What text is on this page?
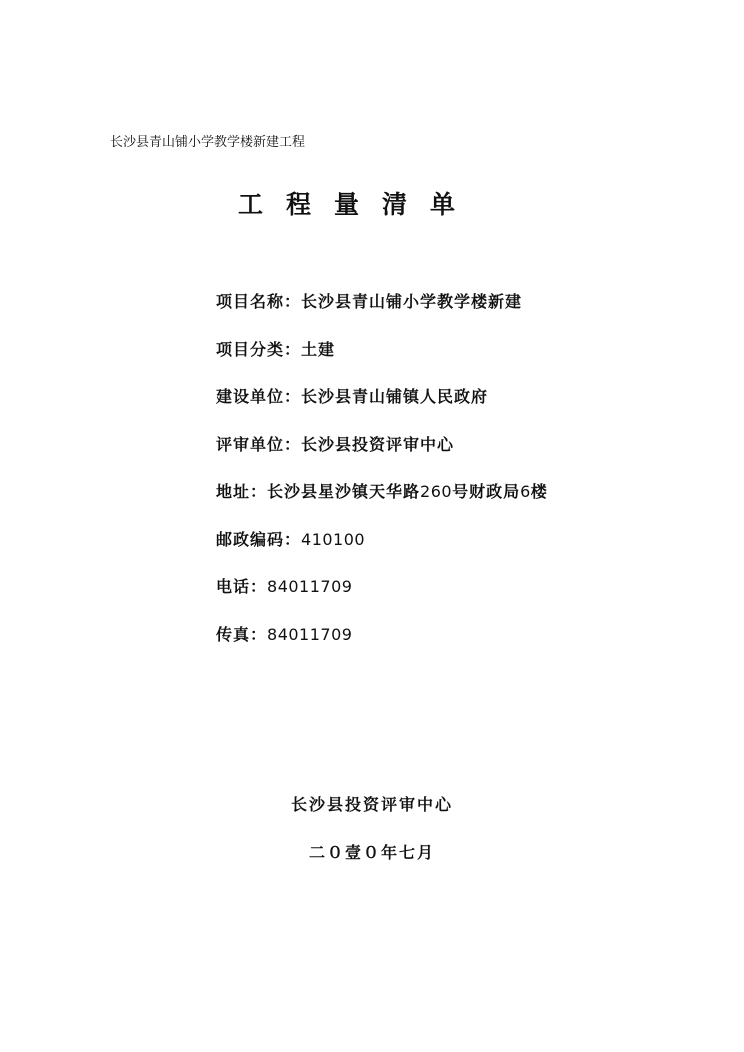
长沙县青山铺小学教学楼新建工程
工程量清单
项目名称：长沙县青山铺小学教学楼新建
项目分类：土建
建设单位：长沙县青山铺镇人民政府
评审单位：长沙县投资评审中心
地址：长沙县星沙镇天华路260号财政局6楼
邮政编码：410100
电话：84011709
传真：84011709
长沙县投资评审中心
二０壹０年七月
